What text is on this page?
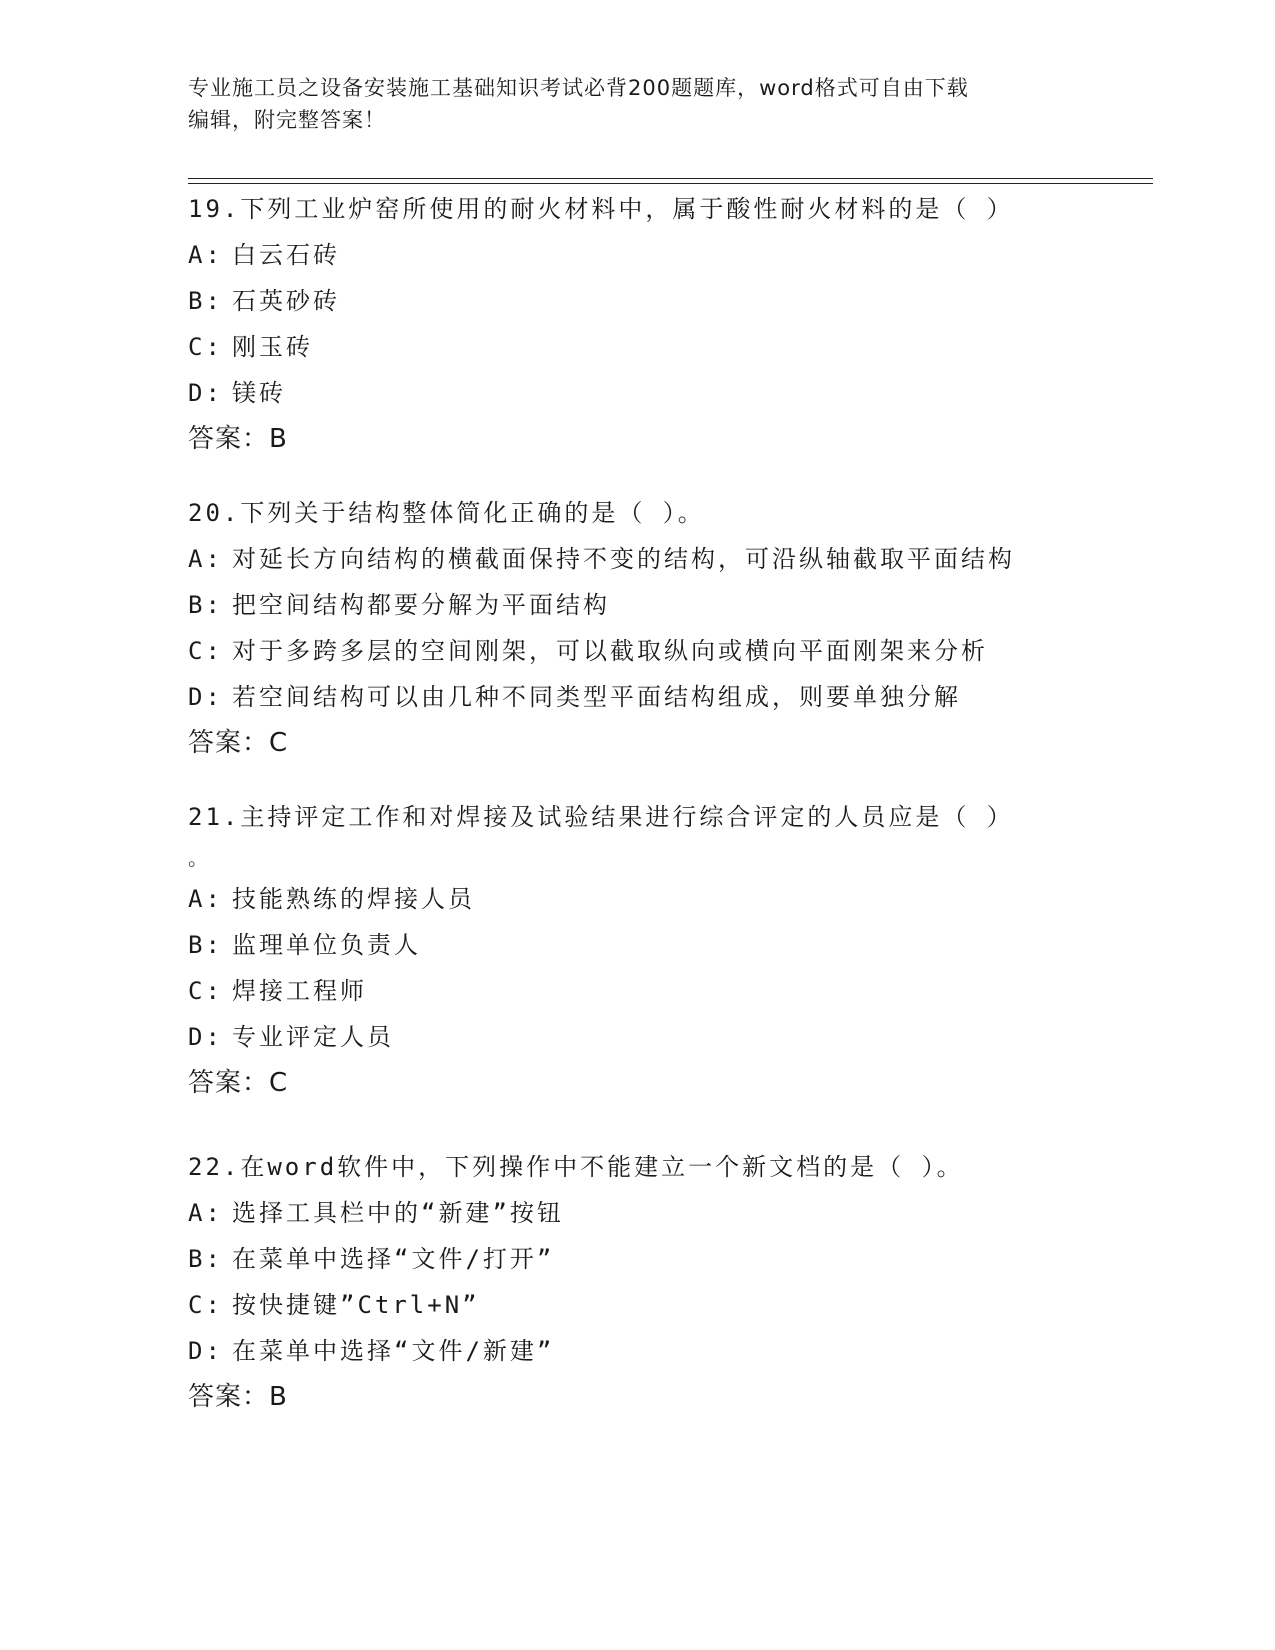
专业施工员之设备安装施工基础知识考试必背200题题库，word格式可自由下载
编辑，附完整答案！
19.下列工业炉窑所使用的耐火材料中，属于酸性耐火材料的是（ ）
A: 白云石砖
B: 石英砂砖
C: 刚玉砖
D: 镁砖
答案：B
20.下列关于结构整体简化正确的是（ ）。
A: 对延长方向结构的横截面保持不变的结构，可沿纵轴截取平面结构
B: 把空间结构都要分解为平面结构
C: 对于多跨多层的空间刚架，可以截取纵向或横向平面刚架来分析
D: 若空间结构可以由几种不同类型平面结构组成，则要单独分解
答案：C
21.主持评定工作和对焊接及试验结果进行综合评定的人员应是（ ）
。
A: 技能熟练的焊接人员
B: 监理单位负责人
C: 焊接工程师
D: 专业评定人员
答案：C
22.在word软件中，下列操作中不能建立一个新文档的是（ ）。
A: 选择工具栏中的“新建”按钮
B: 在菜单中选择“文件/打开”
C: 按快捷键”Ctrl+N”
D: 在菜单中选择“文件/新建”
答案：B
